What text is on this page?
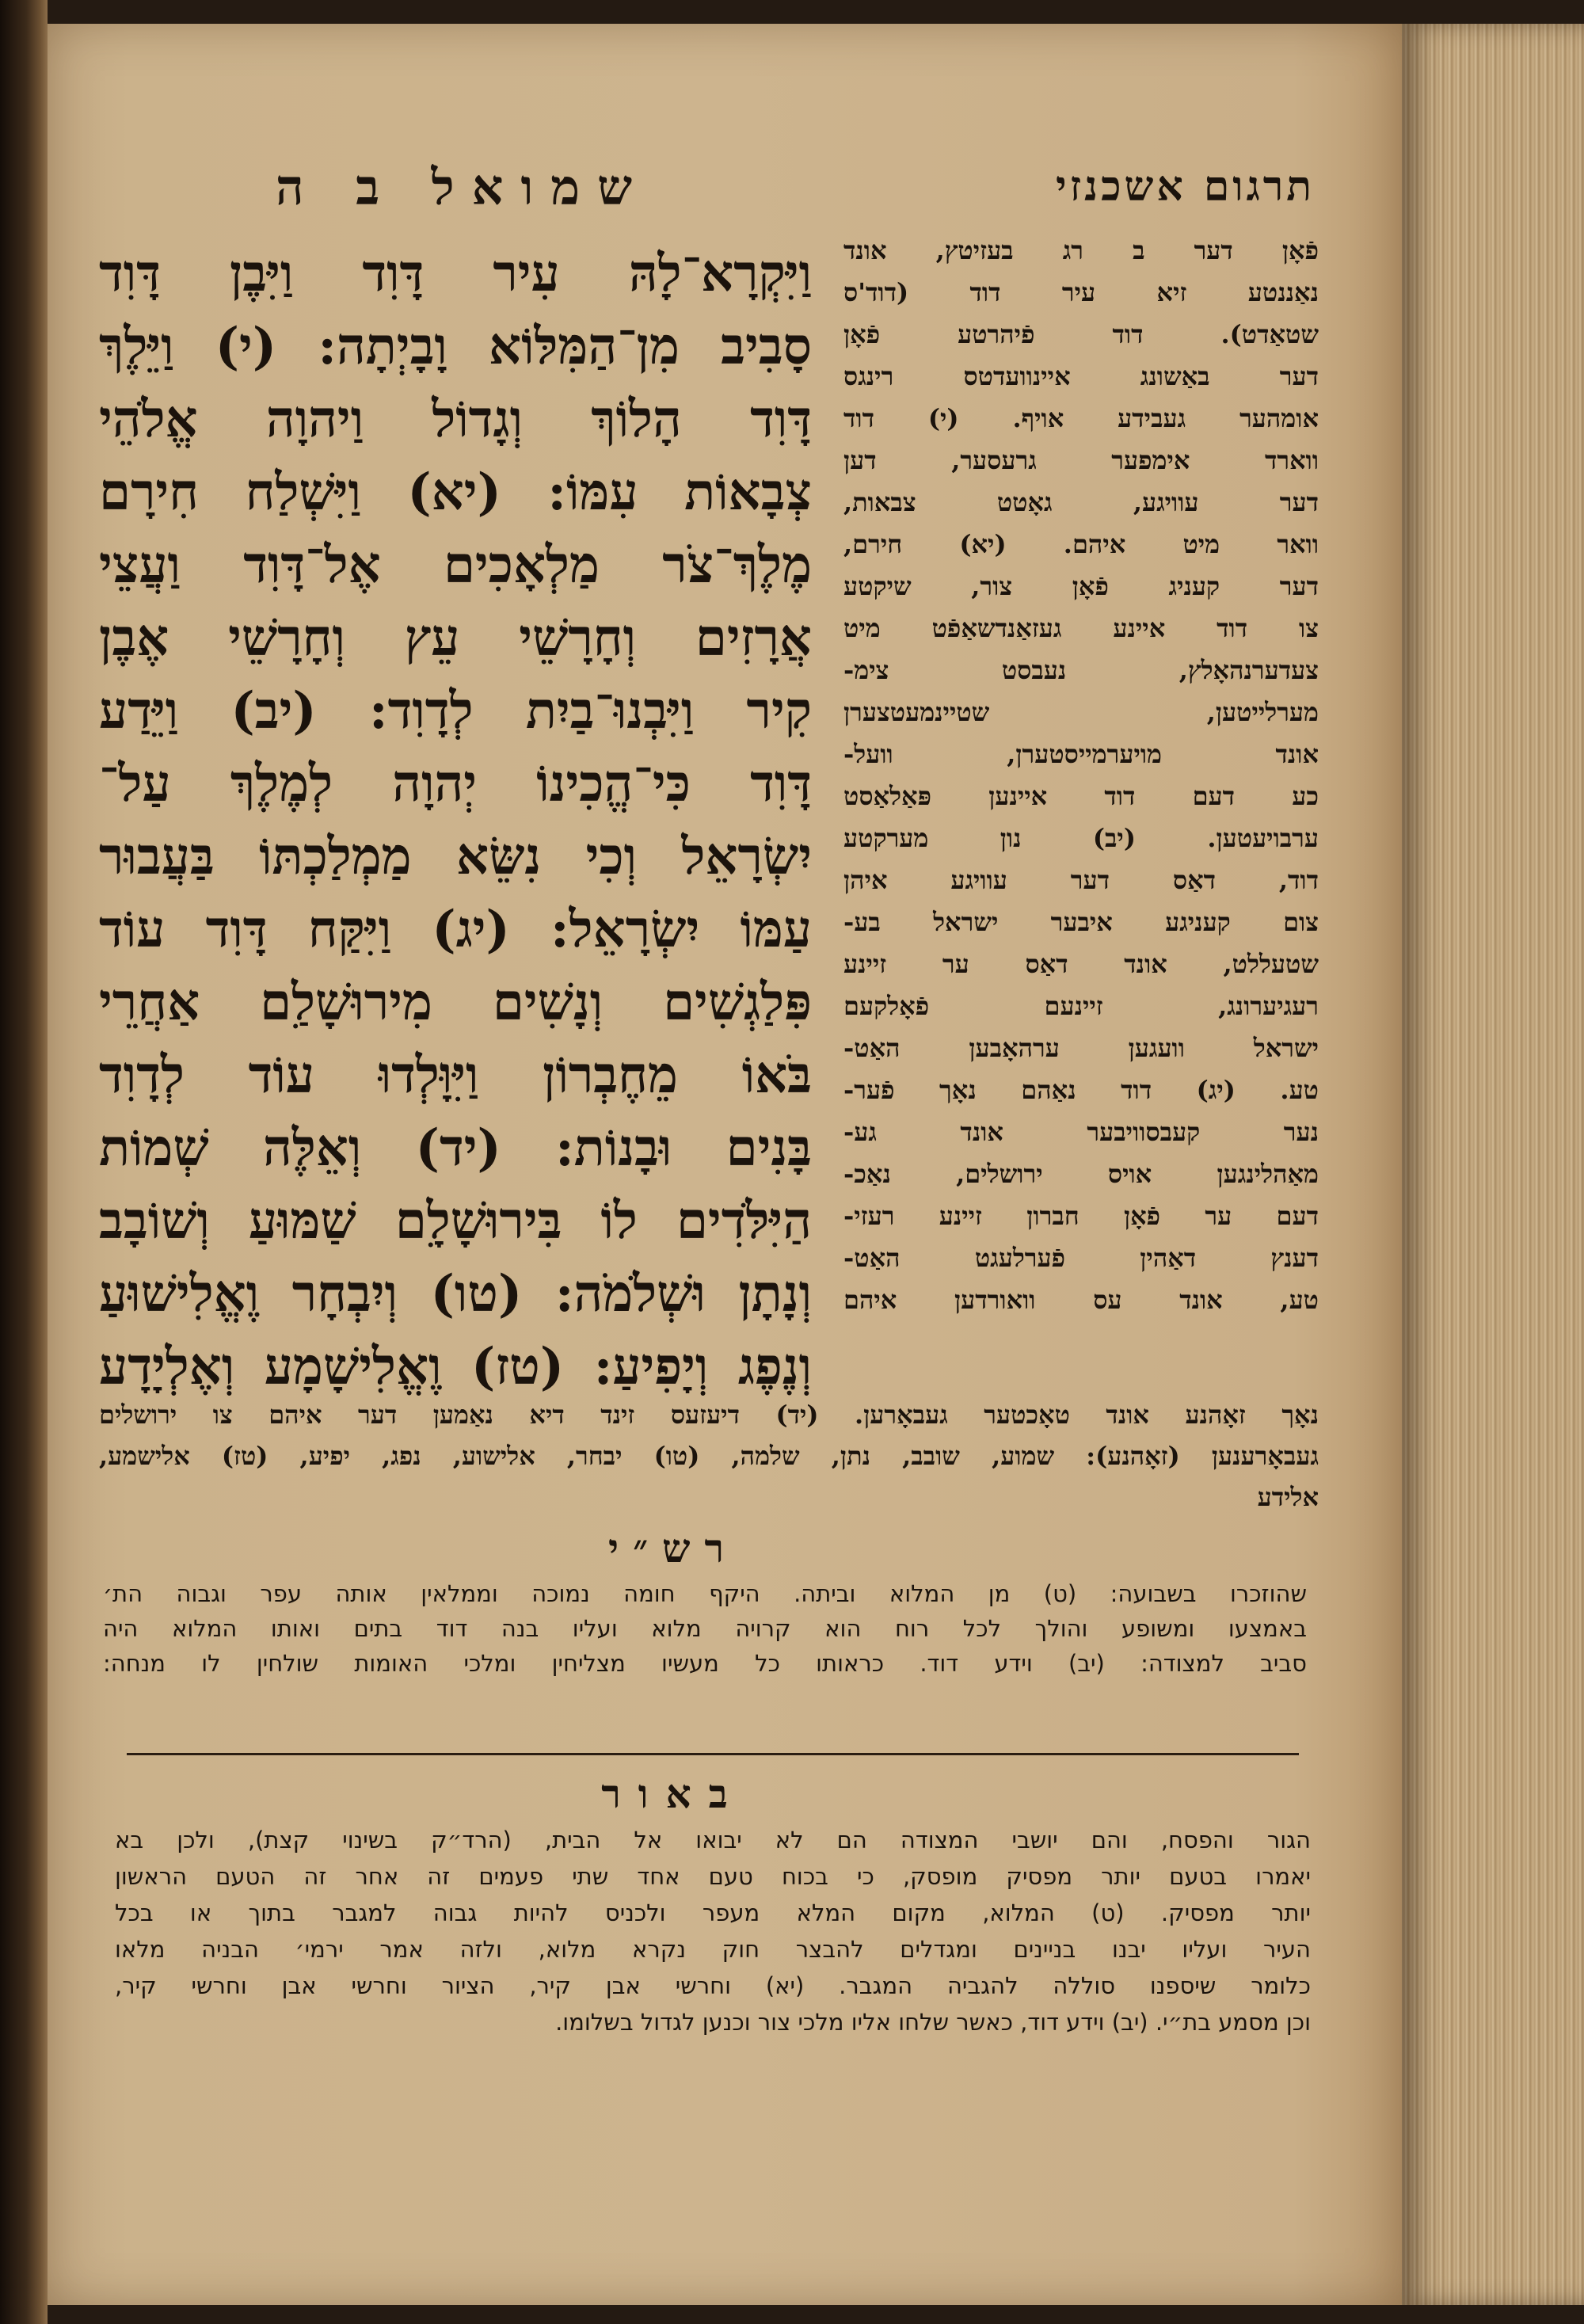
תרגום אשכנזי
שמואל ב ה
וַיִּקְרָא־לָהּ עִיר דָּוִד וַיִּבֶן דָּוִד
סָבִיב מִן־הַמִּלּוֹא וָבָיְתָה: (י) וַיֵּלֶךְ
דָּוִד הָלוֹךְ וְגָדוֹל וַיהוָה אֱלֹהֵי
צְבָאוֹת עִמּוֹ: (יא) וַיִּשְׁלַח חִירָם
מֶלֶךְ־צֹר מַלְאָכִים אֶל־דָּוִד וַעֲצֵי
אֲרָזִים וְחָרָשֵׁי עֵץ וְחָרָשֵׁי אֶבֶן
קִיר וַיִּבְנוּ־בַיִת לְדָוִד: (יב) וַיֵּדַע
דָּוִד כִּי־הֱכִינוֹ יְהוָה לְמֶלֶךְ עַל־
יִשְׂרָאֵל וְכִי נִשֵּׂא מַמְלַכְתּוֹ בַּעֲבוּר
עַמּוֹ יִשְׂרָאֵל: (יג) וַיִּקַּח דָּוִד עוֹד
פִּלַגְשִׁים וְנָשִׁים מִירוּשָׁלִַם אַחֲרֵי
בֹּאוֹ מֵחֶבְרוֹן וַיִּוָּלְדוּ עוֹד לְדָוִד
בָּנִים וּבָנוֹת: (יד) וְאֵלֶּה שְׁמוֹת
הַיִּלֹּדִים לוֹ בִּירוּשָׁלִָם שַׁמּוּעַ וְשׁוֹבָב
וְנָתָן וּשְׁלֹמֹה: (טו) וְיִבְחָר וֶאֱלִישׁוּעַ
וְנֶפֶג וְיָפִיעַ: (טז) וֶאֱלִישָׁמָע וְאֶלְיָדָע
פֿאָן דער ב רג בעזיטץ, אונד
נאַננטע זיא עיר דוד (דוד'ס
שטאַדט). דוד פֿיהרטע פֿאָן
דער באַשונג איינוועדטס רינגס
אומהער געבידע אויף. (י) דוד
ווארד אימפער גרעסער, דען
דער עוויגע, גאָטט צבאות,
וואר מיט איהם. (יא) חירם,
דער קעניג פֿאָן צור, שיקטע
צו דוד איינע געזאַנדשאַפֿט מיט
צעדערנהאָלץ, נעבסט צימ-
מערלייטען, שטיינמעטצערן
אונד מויערמייסטערן, וועל-
כע דעם דוד איינען פּאַלאַסט
ערבויעטען. (יב) נון מערקטע
דוד, דאַס דער עוויגע איהן
צום קעניגע איבער ישראל בע-
שטעללט, אונד דאַס ער זיינע
רעגיערונג, זיינעם פֿאָלקעם
ישראל וועגען ערהאָבען האַט-
טע. (יג) דוד נאַהם נאָך פֿער-
נער קעבסוויבער אונד גע-
מאַהלינגען אויס ירושלים, נאַכ-
דעם ער פֿאָן חברון זיינע רעזי-
דענץ דאַהין פֿערלעגט האַט-
טע, אונד עס וואורדען איהם
נאָך זאָהנע אונד טאָכטער געבאָרען. (יד) דיעזעס זינד דיא נאַמען דער איהם צו ירושלים
געבאָרענען (זאָהנע): שמוע, שובב, נתן, שלמה, (טו) יבחר, אלישוע, נפג, יפיע, (טז) אלישמע,
אלידע
רש״י
שהוזכרו בשבועה: (ט) מן המלוא וביתה. היקף חומה נמוכה וממלאין אותה עפר וגבוה הת׳
באמצעו ומשופע והולך לכל רוח הוא קרויה מלוא ועליו בנה דוד בתים ואותו המלוא היה
סביב למצודה: (יב) וידע דוד. כראותו כל מעשיו מצליחין ומלכי האומות שולחין לו מנחה:
באור
הגור והפסח, והם יושבי המצודה הם לא יבואו אל הבית, (הרד״ק בשינוי קצת), ולכן בא
יאמרו בטעם יותר מפסיק מופסק, כי בכוח טעם אחד שתי פעמים זה אחר זה הטעם הראשון
יותר מפסיק. (ט) המלוא, מקום המלא מעפר ולכניס להיות גבוה למגבר בתוך או בכל
העיר ועליו יבנו בניינים ומגדלים להבצר חוק נקרא מלוא, ולזה אמר ירמי׳ הבניה מלאו
כלומר שיספנו סוללה להגביה המגבר. (יא) וחרשי אבן קיר, הציור וחרשי אבן וחרשי קיר,
וכן מסמע בת״י. (יב) וידע דוד, כאשר שלחו אליו מלכי צור וכנען לגדול בשלומו.
